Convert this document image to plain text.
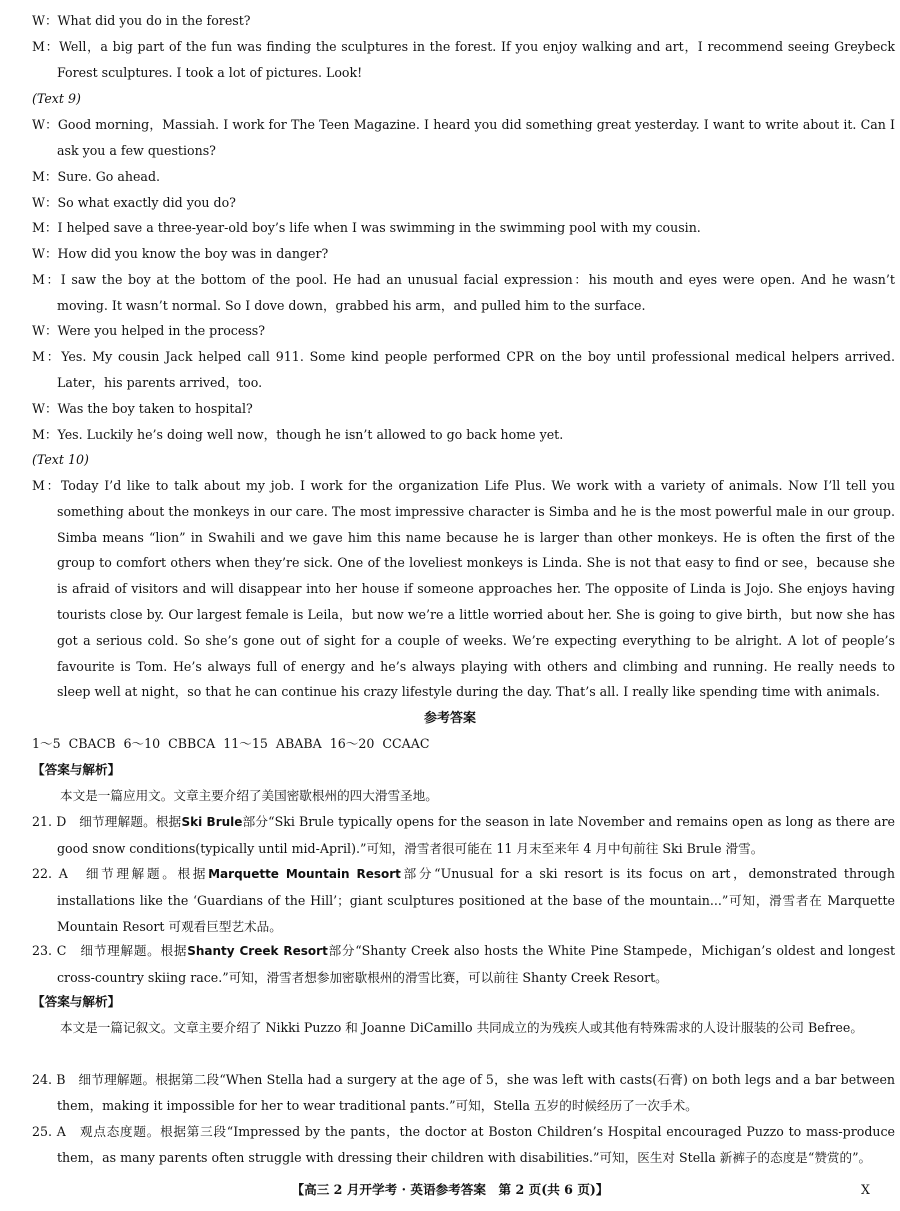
W：What did you do in the forest?
M：Well，a big part of the fun was finding the sculptures in the forest. If you enjoy walking and art，I recommend seeing Greybeck Forest sculptures. I took a lot of pictures. Look!
(Text 9)
W：Good morning，Massiah. I work for The Teen Magazine. I heard you did something great yesterday. I want to write about it. Can I ask you a few questions?
M：Sure. Go ahead.
W：So what exactly did you do?
M：I helped save a three-year-old boy’s life when I was swimming in the swimming pool with my cousin.
W：How did you know the boy was in danger?
M：I saw the boy at the bottom of the pool. He had an unusual facial expression：his mouth and eyes were open. And he wasn’t moving. It wasn’t normal. So I dove down，grabbed his arm，and pulled him to the surface.
W：Were you helped in the process?
M：Yes. My cousin Jack helped call 911. Some kind people performed CPR on the boy until professional medical helpers arrived. Later，his parents arrived，too.
W：Was the boy taken to hospital?
M：Yes. Luckily he’s doing well now，though he isn’t allowed to go back home yet.
(Text 10)
M：Today I’d like to talk about my job. I work for the organization Life Plus. We work with a variety of animals. Now I’ll tell you something about the monkeys in our care. The most impressive character is Simba and he is the most powerful male in our group. Simba means “lion” in Swahili and we gave him this name because he is larger than other monkeys. He is often the first of the group to comfort others when they’re sick. One of the loveliest monkeys is Linda. She is not that easy to find or see，because she is afraid of visitors and will disappear into her house if someone approaches her. The opposite of Linda is Jojo. She enjoys having tourists close by. Our largest female is Leila，but now we’re a little worried about her. She is going to give birth，but now she has got a serious cold. So she’s gone out of sight for a couple of weeks. We’re expecting everything to be alright. A lot of people’s favourite is Tom. He’s always full of energy and he’s always playing with others and climbing and running. He really needs to sleep well at night，so that he can continue his crazy lifestyle during the day. That’s all. I really like spending time with animals.
参考答案
1～5  CBACB  6～10  CBBCA  11～15  ABABA  16～20  CCAAC
【答案与解析】
本文是一篇应用文。文章主要介绍了美国密歇根州的四大滑雪圣地。
21. D　 细节理解题。根据Ski Brule部分“Ski Brule typically opens for the season in late November and remains open as long as there are good snow conditions(typically until mid-April).”可知，滑雪者很可能在 11 月末至来年 4 月中旬前往 Ski Brule 滑雪。
22. A　 细节理解题。根据Marquette Mountain Resort部分“Unusual for a ski resort is its focus on art，demonstrated through installations like the ‘Guardians of the Hill’；giant sculptures positioned at the base of the mountain...”可知，滑雪者在 Marquette Mountain Resort 可观看巨型艺术品。
23. C　 细节理解题。根据Shanty Creek Resort部分“Shanty Creek also hosts the White Pine Stampede，Michigan’s oldest and longest cross-country skiing race.”可知，滑雪者想参加密歇根州的滑雪比赛，可以前往 Shanty Creek Resort。
【答案与解析】
本文是一篇记叙文。文章主要介绍了 Nikki Puzzo 和 Joanne DiCamillo 共同成立的为残疾人或其他有特殊需求的人设计服装的公司 Befree。
24. B　 细节理解题。根据第二段“When Stella had a surgery at the age of 5，she was left with casts(石膏) on both legs and a bar between them，making it impossible for her to wear traditional pants.”可知，Stella 五岁的时候经历了一次手术。
25. A　 观点态度题。根据第三段“Impressed by the pants，the doctor at Boston Children’s Hospital encouraged Puzzo to mass-produce them，as many parents often struggle with dressing their children with disabilities.”可知，医生对 Stella 新裤子的态度是“赞赏的”。
【高三 2 月开学考 · 英语参考答案　第 2 页(共 6 页)】	X
